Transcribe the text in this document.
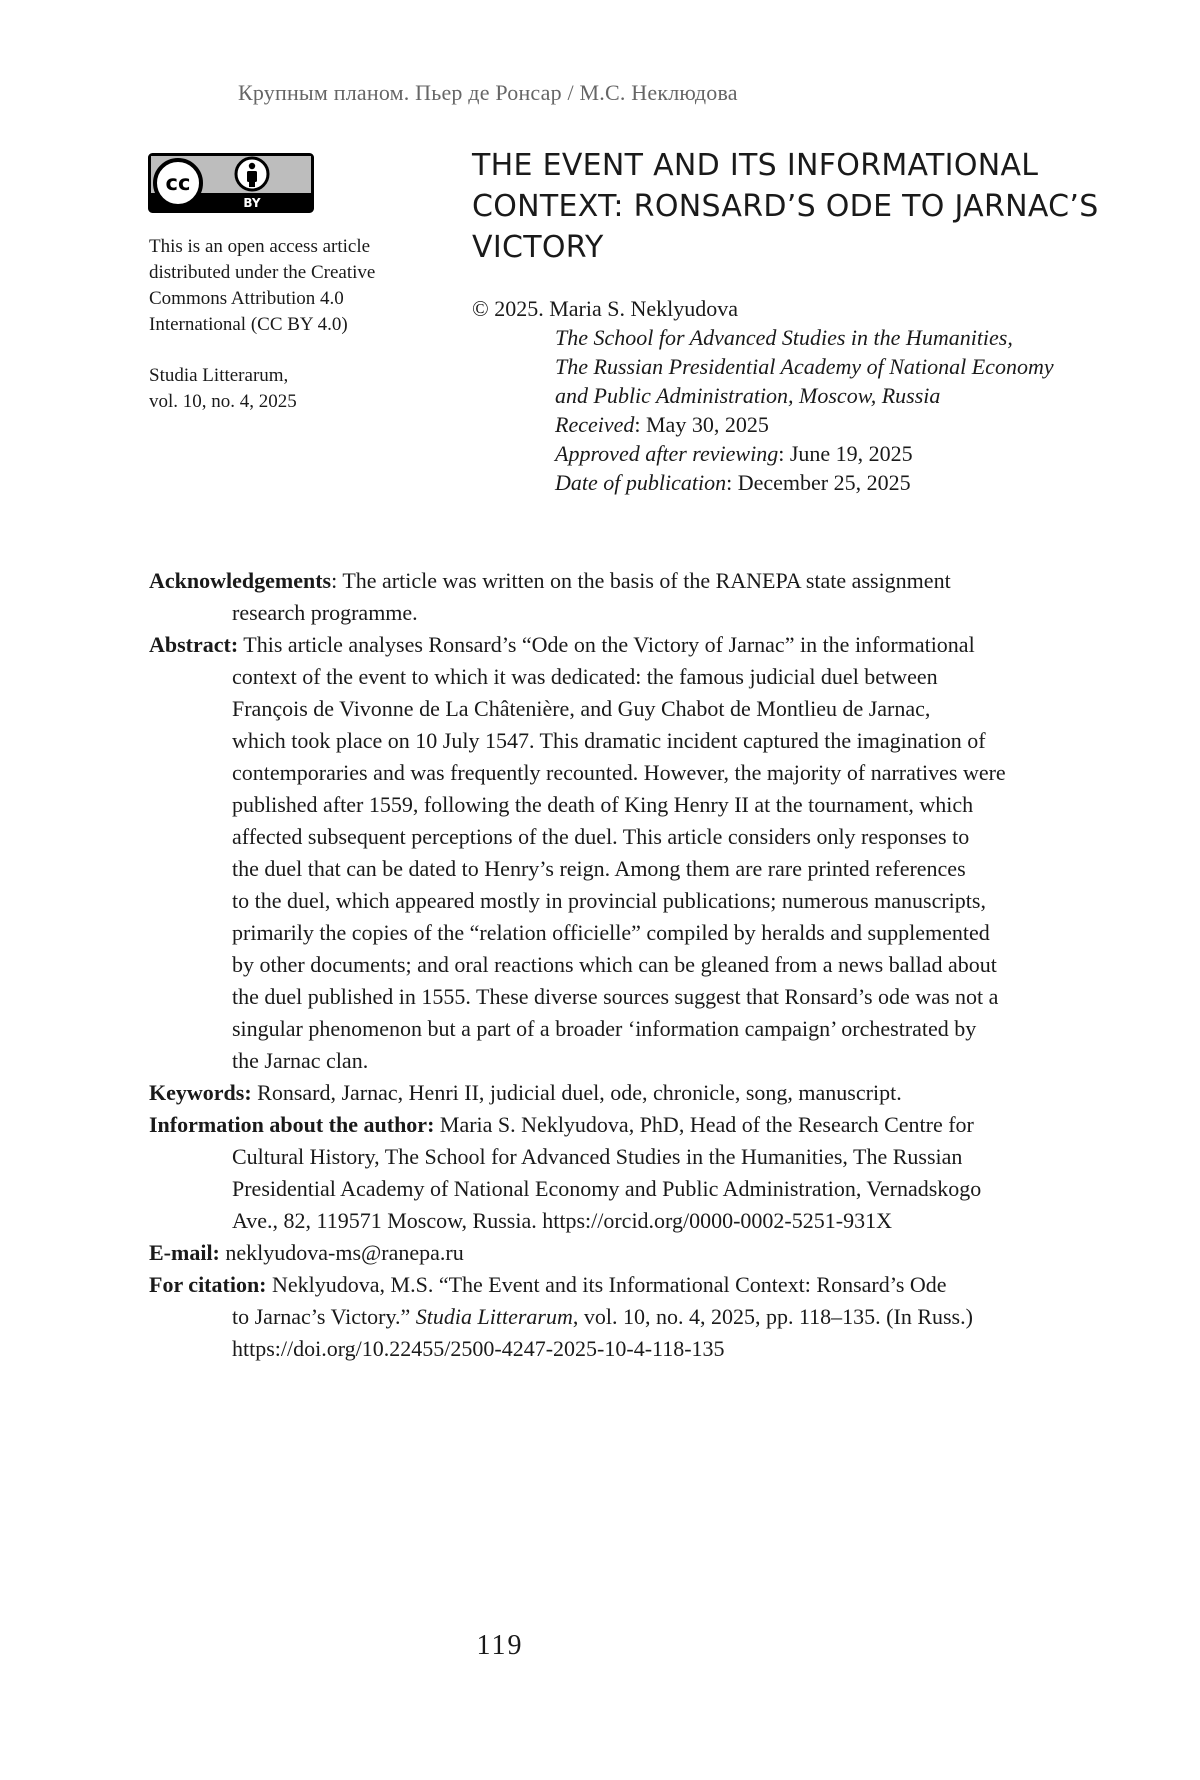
Крупным планом. Пьер де Ронсар / М.С. Неклюдова
cc
BY
This is an open access article
distributed under the Creative
Commons Attribution 4.0
International (CC BY 4.0)
Studia Litterarum,
vol. 10, no. 4, 2025
THE EVENT AND ITS INFORMATIONAL
CONTEXT: RONSARD’S ODE TO JARNAC’S
VICTORY
© 2025. Maria S. Neklyudova
The School for Advanced Studies in the Humanities,
The Russian Presidential Academy of National Economy
and Public Administration, Moscow, Russia
Received: May 30, 2025
Approved after reviewing: June 19, 2025
Date of publication: December 25, 2025
Acknowledgements: The article was written on the basis of the RANEPA state assignment
research programme.
Abstract: This article analyses Ronsard’s “Ode on the Victory of Jarnac” in the informational
context of the event to which it was dedicated: the famous judicial duel between
François de Vivonne de La Châtenière, and Guy Chabot de Montlieu de Jarnac,
which took place on 10 July 1547. This dramatic incident captured the imagination of
contemporaries and was frequently recounted. However, the majority of narratives were
published after 1559, following the death of King Henry II at the tournament, which
affected subsequent perceptions of the duel. This article considers only responses to
the duel that can be dated to Henry’s reign. Among them are rare printed references
to the duel, which appeared mostly in provincial publications; numerous manuscripts,
primarily the copies of the “relation officielle” compiled by heralds and supplemented
by other documents; and oral reactions which can be gleaned from a news ballad about
the duel published in 1555. These diverse sources suggest that Ronsard’s ode was not a
singular phenomenon but a part of a broader ‘information campaign’ orchestrated by
the Jarnac clan.
Keywords: Ronsard, Jarnac, Henri II, judicial duel, ode, chronicle, song, manuscript.
Information about the author: Maria S. Neklyudova, PhD, Head of the Research Centre for
Cultural History, The School for Advanced Studies in the Humanities, The Russian
Presidential Academy of National Economy and Public Administration, Vernadskogo
Ave., 82, 119571 Moscow, Russia. https://orcid.org/0000-0002-5251-931X
E-mail: neklyudova-ms@ranepa.ru
For citation: Neklyudova, M.S. “The Event and its Informational Context: Ronsard’s Ode
to Jarnac’s Victory.” Studia Litterarum, vol. 10, no. 4, 2025, pp. 118–135. (In Russ.)
https://doi.org/10.22455/2500-4247-2025-10-4-118-135
119
